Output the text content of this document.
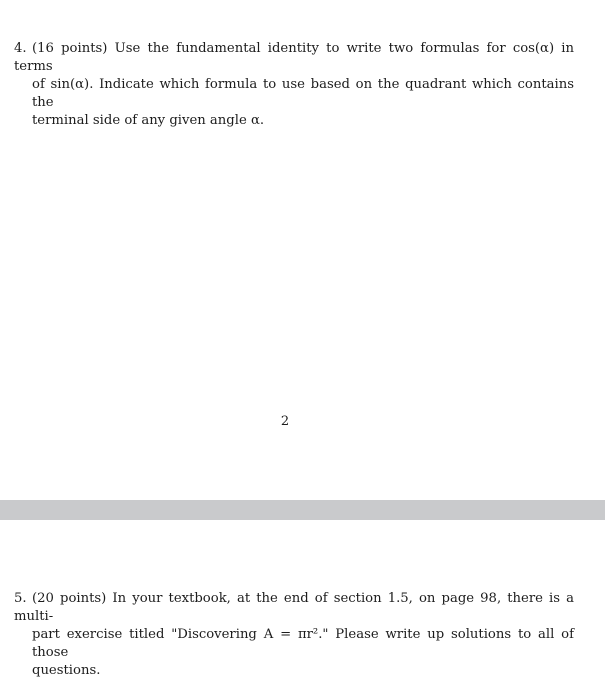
4. (16 points) Use the fundamental identity to write two formulas for cos(α) in terms
of sin(α). Indicate which formula to use based on the quadrant which contains the
terminal side of any given angle α.
2
5. (20 points) In your textbook, at the end of section 1.5, on page 98, there is a multi-
part exercise titled "Discovering A = πr²." Please write up solutions to all of those
questions.
